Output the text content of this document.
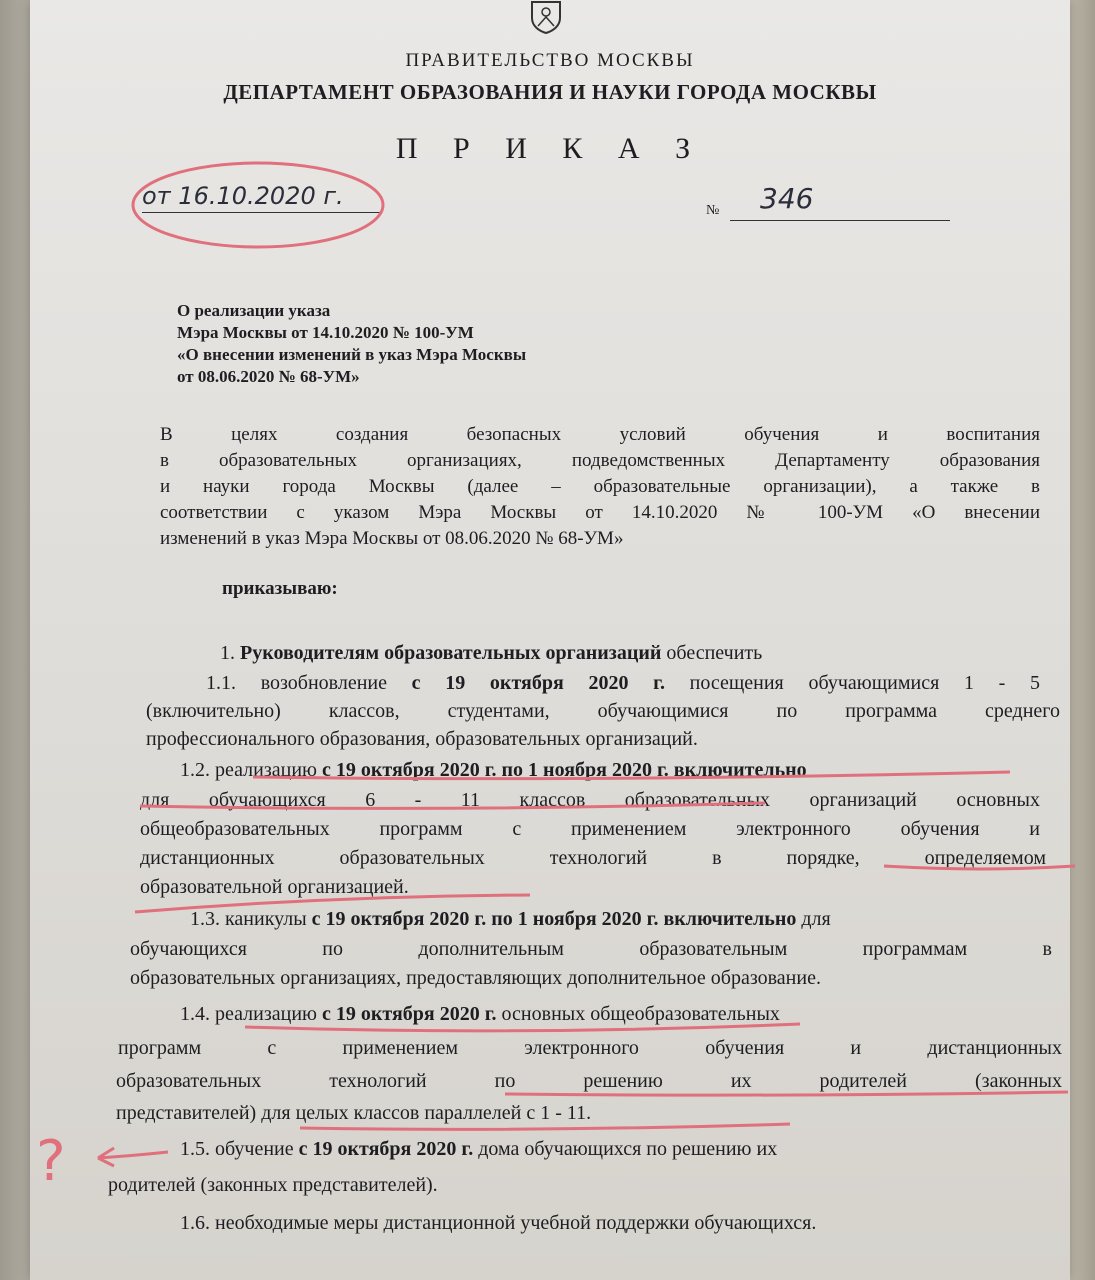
ПРАВИТЕЛЬСТВО МОСКВЫ
ДЕПАРТАМЕНТ ОБРАЗОВАНИЯ И НАУКИ ГОРОДА МОСКВЫ
П Р И К А З
от 16.10.2020 г.
№ 346
О реализации указа
Мэра Москвы от 14.10.2020 № 100-УМ
«О внесении изменений в указ Мэра Москвы
от 08.06.2020 № 68-УМ»
В целях создания безопасных условий обучения и воспитания
в образовательных организациях, подведомственных Департаменту образования
и науки города Москвы (далее – образовательные организации), а также в
соответствии с указом Мэра Москвы от 14.10.2020 № 100-УМ «О внесении
изменений в указ Мэра Москвы от 08.06.2020 № 68-УМ»
приказываю:
1. Руководителям образовательных организаций обеспечить
1.1. возобновление с 19 октября 2020 г. посещения обучающимися 1 - 5
(включительно) классов, студентами, обучающимися по программа среднего
профессионального образования, образовательных организаций.
1.2. реализацию с 19 октября 2020 г. по 1 ноября 2020 г. включительно
для обучающихся 6 - 11 классов образовательных организаций основных
общеобразовательных программ с применением электронного обучения и
дистанционных образовательных технологий в порядке, определяемом
образовательной организацией.
1.3. каникулы с 19 октября 2020 г. по 1 ноября 2020 г. включительно для
обучающихся по дополнительным образовательным программам в
образовательных организациях, предоставляющих дополнительное образование.
1.4. реализацию с 19 октября 2020 г. основных общеобразовательных
программ с применением электронного обучения и дистанционных
образовательных технологий по решению их родителей (законных
представителей) для целых классов параллелей с 1 - 11.
1.5. обучение с 19 октября 2020 г. дома обучающихся по решению их
родителей (законных представителей).
1.6. необходимые меры дистанционной учебной поддержки обучающихся.
?
